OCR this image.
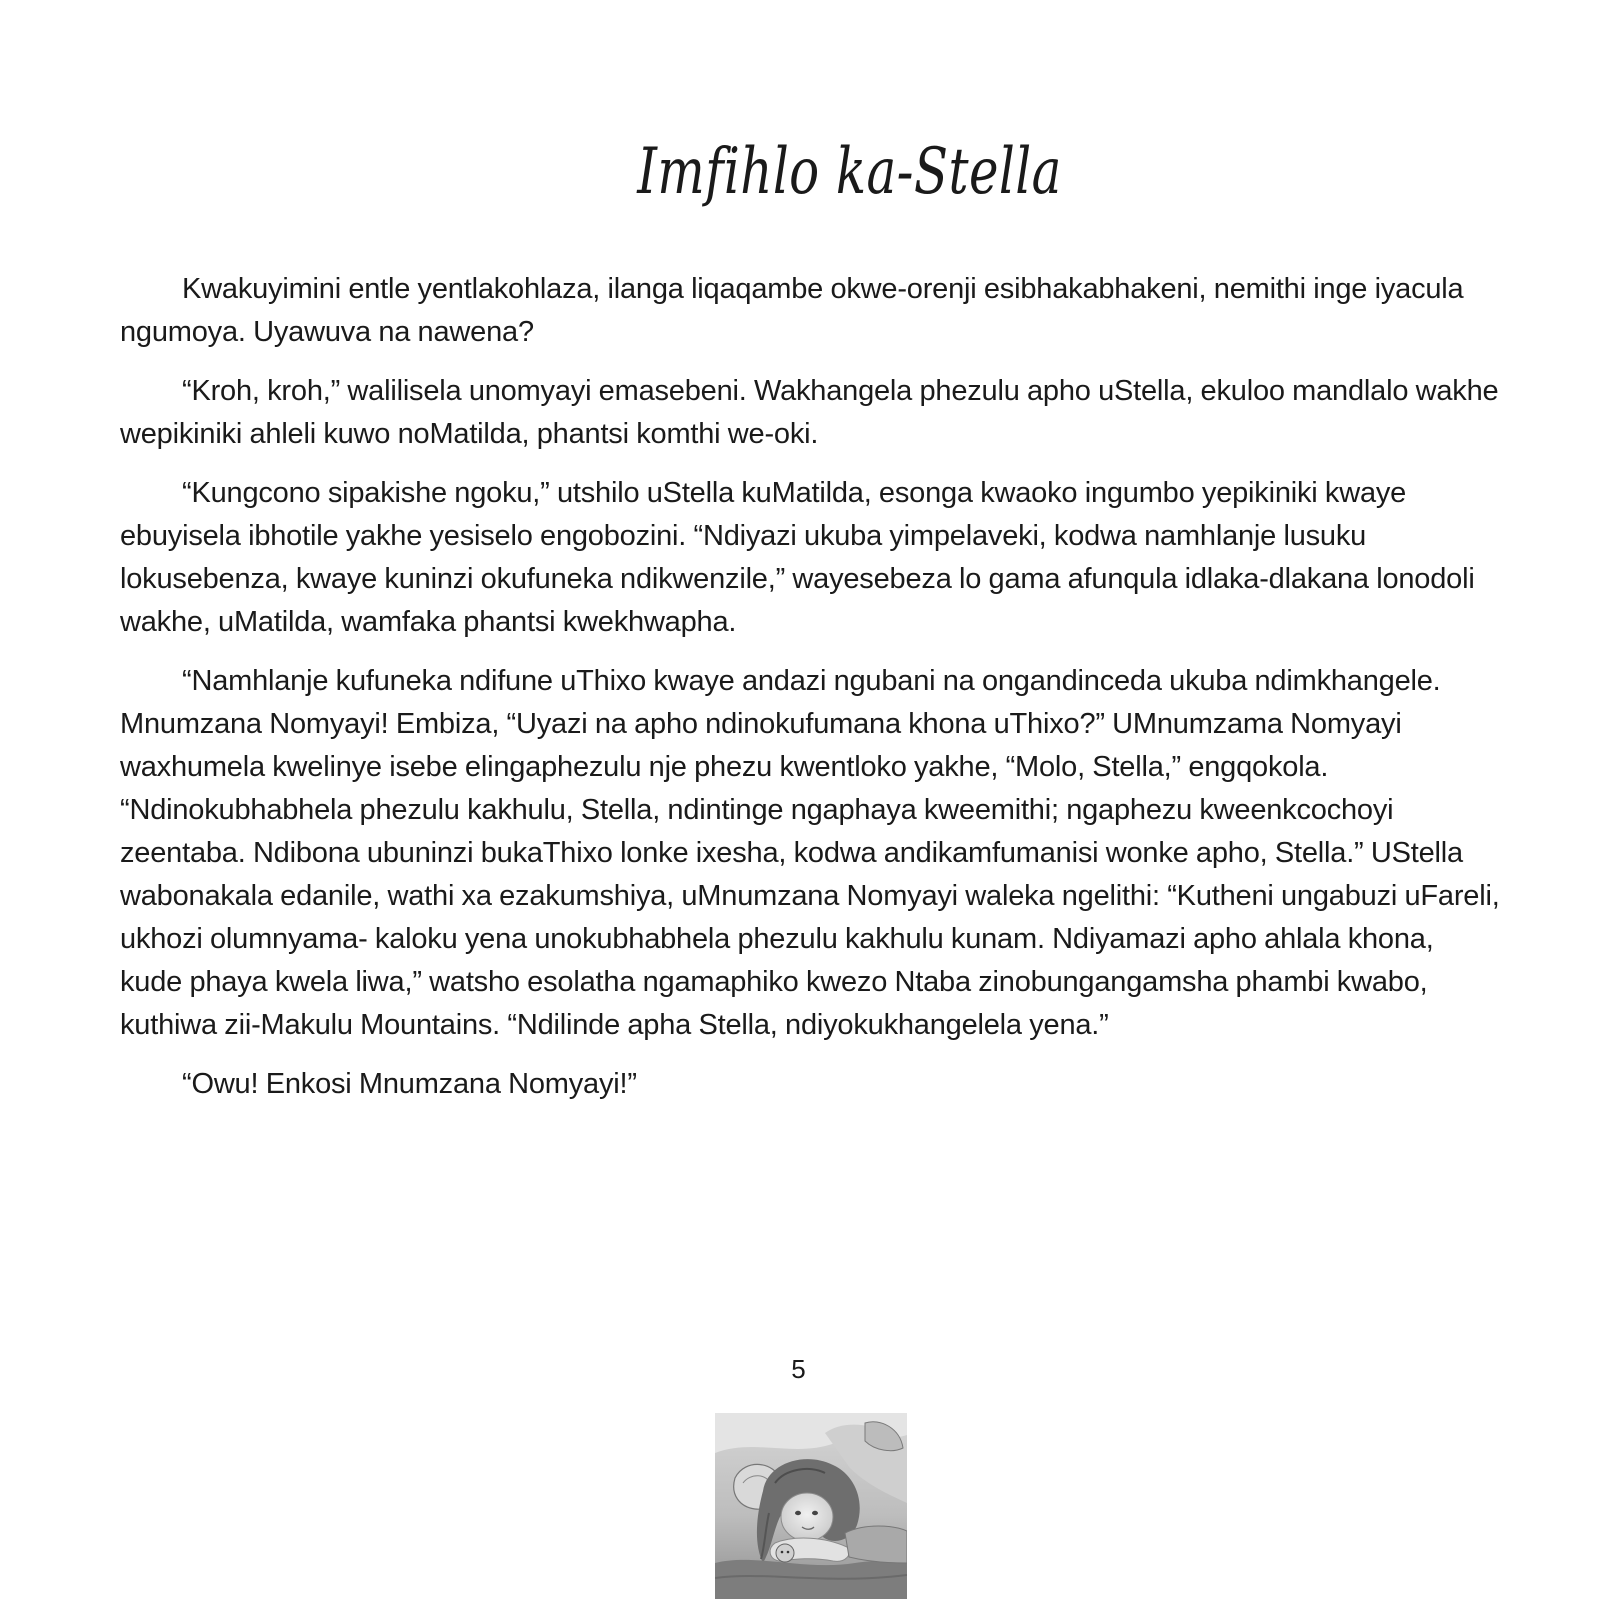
Imfihlo ka-Stella

Kwakuyimini entle yentlakohlaza, ilanga liqaqambe okwe-orenji esibhakabhakeni, nemithi inge iyacula ngumoya. Uyawuva na nawena?

“Kroh, kroh,” walilisela unomyayi emasebeni. Wakhangela phezulu apho uStella, ekuloo mandlalo wakhe wepikiniki ahleli kuwo noMatilda, phantsi komthi we-oki.

“Kungcono sipakishe ngoku,” utshilo uStella kuMatilda, esonga kwaoko ingumbo yepikiniki kwaye ebuyisela ibhotile yakhe yesiselo engobozini. “Ndiyazi ukuba yimpelaveki, kodwa namhlanje lusuku lokusebenza, kwaye kuninzi okufuneka ndikwenzile,” wayesebeza lo gama afunqula idlaka-dlakana lonodoli wakhe, uMatilda, wamfaka phantsi kwekhwapha.

“Namhlanje kufuneka ndifune uThixo kwaye andazi ngubani na ongandinceda ukuba ndimkhangele. Mnumzana Nomyayi! Embiza, “Uyazi na apho ndinokufumana khona uThixo?” UMnumzama Nomyayi waxhumela kwelinye isebe elingaphezulu nje phezu kwentloko yakhe, “Molo, Stella,” engqokola. “Ndinokubhabhela phezulu kakhulu, Stella, ndintinge ngaphaya kweemithi; ngaphezu kweenkcochoyi zeentaba. Ndibona ubuninzi bukaThixo lonke ixesha, kodwa andikamfumanisi wonke apho, Stella.” UStella wabonakala edanile, wathi xa ezakumshiya, uMnumzana Nomyayi waleka ngelithi: “Kutheni ungabuzi uFareli, ukhozi olumnyama- kaloku yena unokubhabhela phezulu kakhulu kunam. Ndiyamazi apho ahlala khona, kude phaya kwela liwa,” watsho esolatha ngamaphiko kwezo Ntaba zinobungangamsha phambi kwabo, kuthiwa zii-Makulu Mountains. “Ndilinde apha Stella, ndiyokukhangelela yena.”

“Owu! Enkosi Mnumzana Nomyayi!”

5
